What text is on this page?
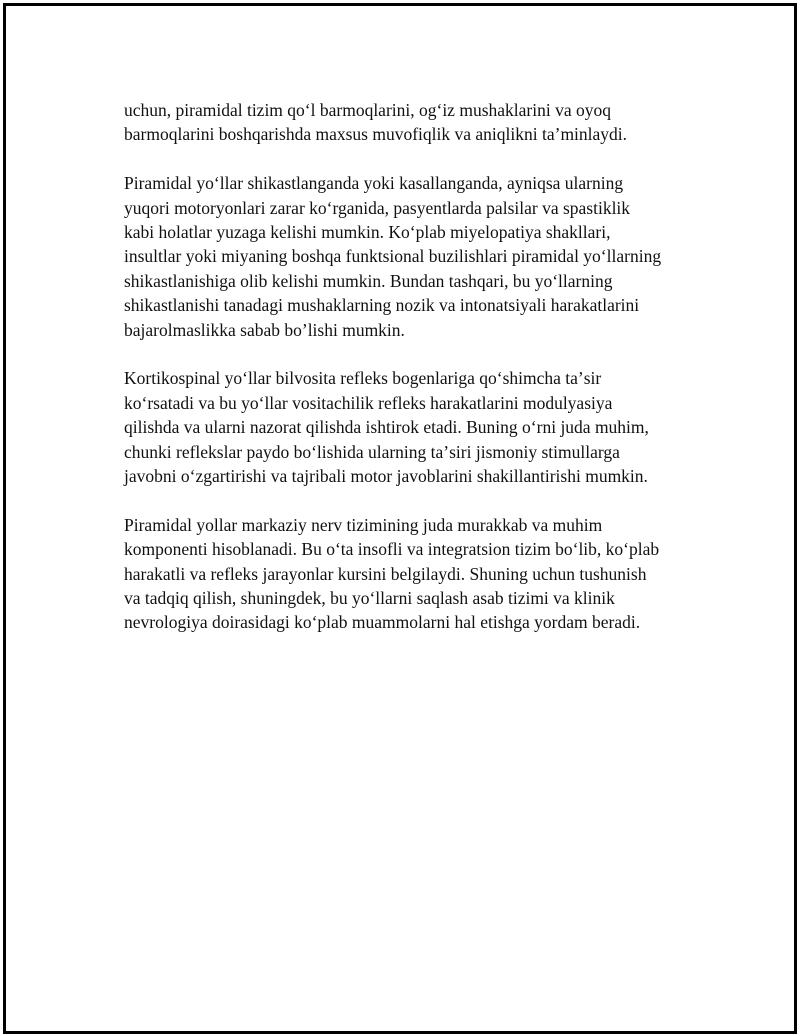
uchun, piramidal tizim qoʻl barmoqlarini, ogʻiz mushaklarini va oyoq
barmoqlarini boshqarishda maxsus muvofiqlik va aniqlikni taʼminlaydi.

Piramidal yoʻllar shikastlanganda yoki kasallanganda, ayniqsa ularning
yuqori motoryonlari zarar koʻrganida, pasyentlarda palsilar va spastiklik
kabi holatlar yuzaga kelishi mumkin. Koʻplab miyelopatiya shakllari,
insultlar yoki miyaning boshqa funktsional buzilishlari piramidal yoʻllarning
shikastlanishiga olib kelishi mumkin. Bundan tashqari, bu yoʻllarning
shikastlanishi tanadagi mushaklarning nozik va intonatsiyali harakatlarini
bajarolmaslikka sabab boʼlishi mumkin.

Kortikospinal yoʻllar bilvosita refleks bogenlariga qoʻshimcha taʼsir
koʻrsatadi va bu yoʻllar vositachilik refleks harakatlarini modulyasiya
qilishda va ularni nazorat qilishda ishtirok etadi. Buning oʻrni juda muhim,
chunki reflekslar paydo boʻlishida ularning taʼsiri jismoniy stimullarga
javobni oʻzgartirishi va tajribali motor javoblarini shakillantirishi mumkin.

Piramidal yollar markaziy nerv tizimining juda murakkab va muhim
komponenti hisoblanadi. Bu oʻta insofli va integratsion tizim boʻlib, koʻplab
harakatli va refleks jarayonlar kursini belgilaydi. Shuning uchun tushunish
va tadqiq qilish, shuningdek, bu yoʻllarni saqlash asab tizimi va klinik
nevrologiya doirasidagi koʻplab muammolarni hal etishga yordam beradi.
